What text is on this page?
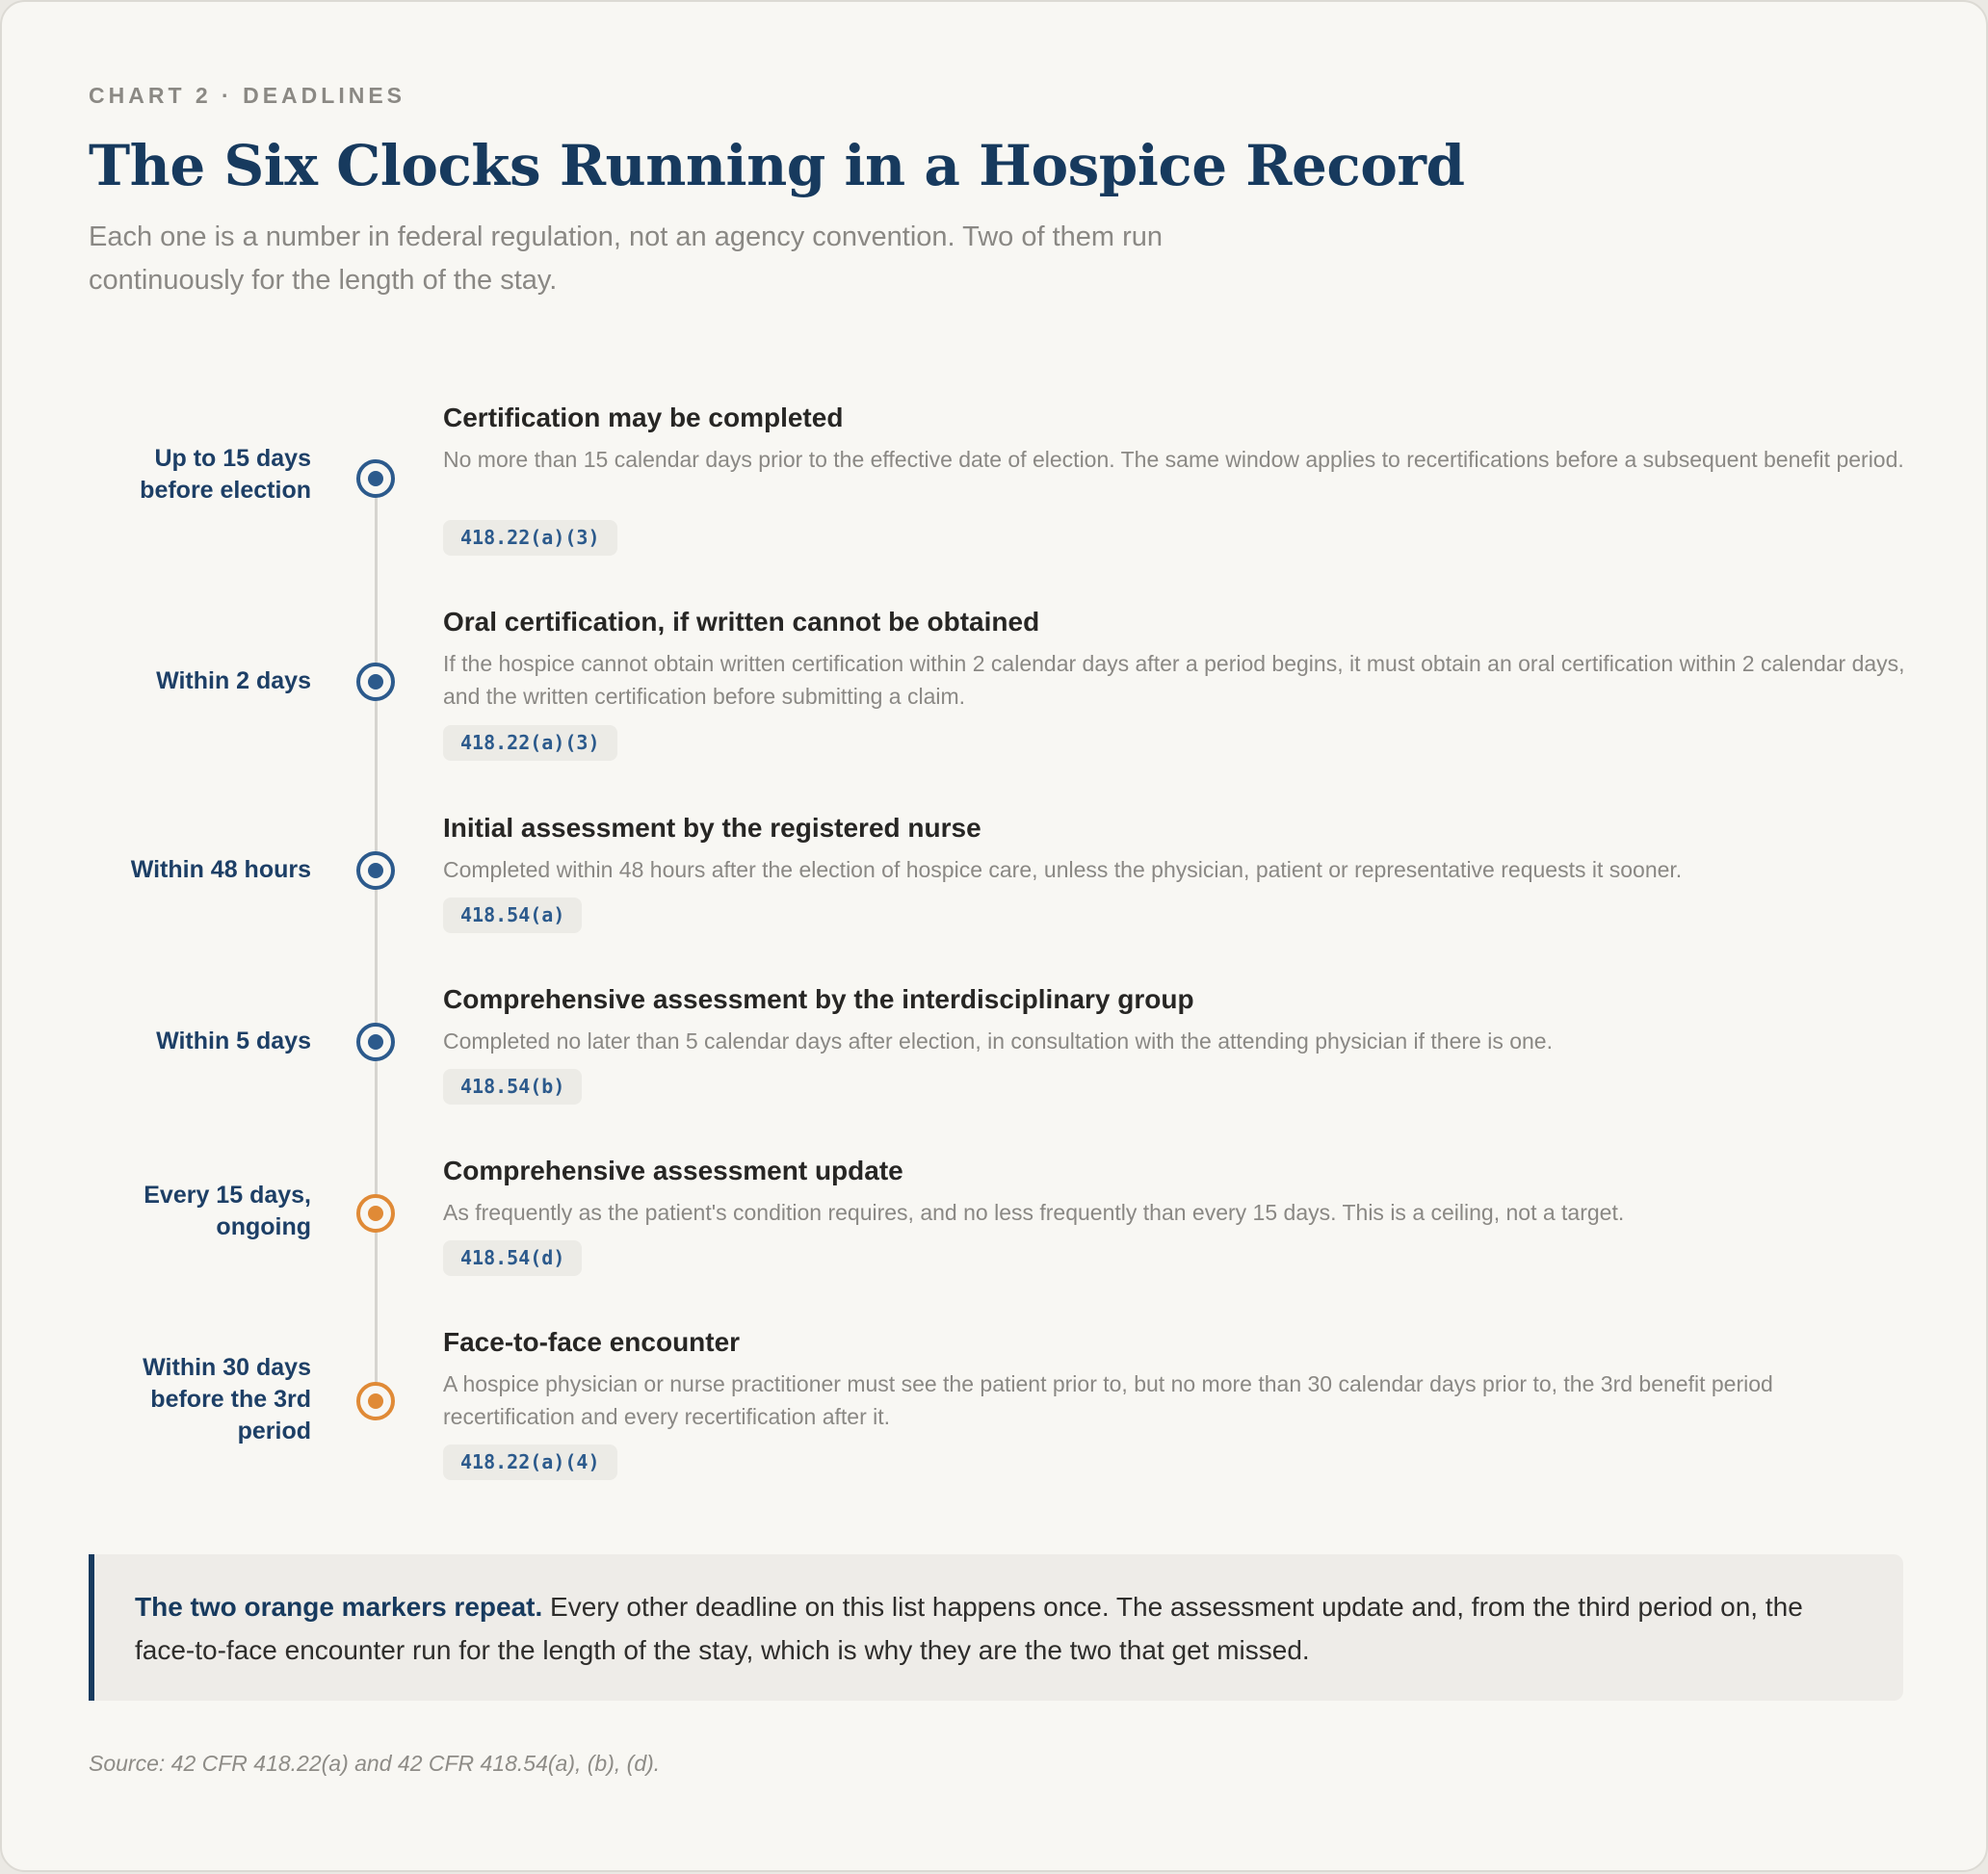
CHART 2 · DEADLINES
The Six Clocks Running in a Hospice Record

Each one is a number in federal regulation, not an agency convention. Two of them run continuously for the length of the stay.

Up to 15 days before election
Certification may be completed
No more than 15 calendar days prior to the effective date of election. The same window applies to recertifications before a subsequent benefit period.
418.22(a)(3)
Within 2 days
Oral certification, if written cannot be obtained
If the hospice cannot obtain written certification within 2 calendar days after a period begins, it must obtain an oral certification within 2 calendar days, and the written certification before submitting a claim.
418.22(a)(3)
Within 48 hours
Initial assessment by the registered nurse
Completed within 48 hours after the election of hospice care, unless the physician, patient or representative requests it sooner.
418.54(a)
Within 5 days
Comprehensive assessment by the interdisciplinary group
Completed no later than 5 calendar days after election, in consultation with the attending physician if there is one.
418.54(b)
Every 15 days, ongoing
Comprehensive assessment update
As frequently as the patient's condition requires, and no less frequently than every 15 days. This is a ceiling, not a target.
418.54(d)
Within 30 days before the 3rd period
Face-to-face encounter
A hospice physician or nurse practitioner must see the patient prior to, but no more than 30 calendar days prior to, the 3rd benefit period recertification and every recertification after it.
418.22(a)(4)
The two orange markers repeat. Every other deadline on this list happens once. The assessment update and, from the third period on, the face-to-face encounter run for the length of the stay, which is why they are the two that get missed.
Source: 42 CFR 418.22(a) and 42 CFR 418.54(a), (b), (d).
